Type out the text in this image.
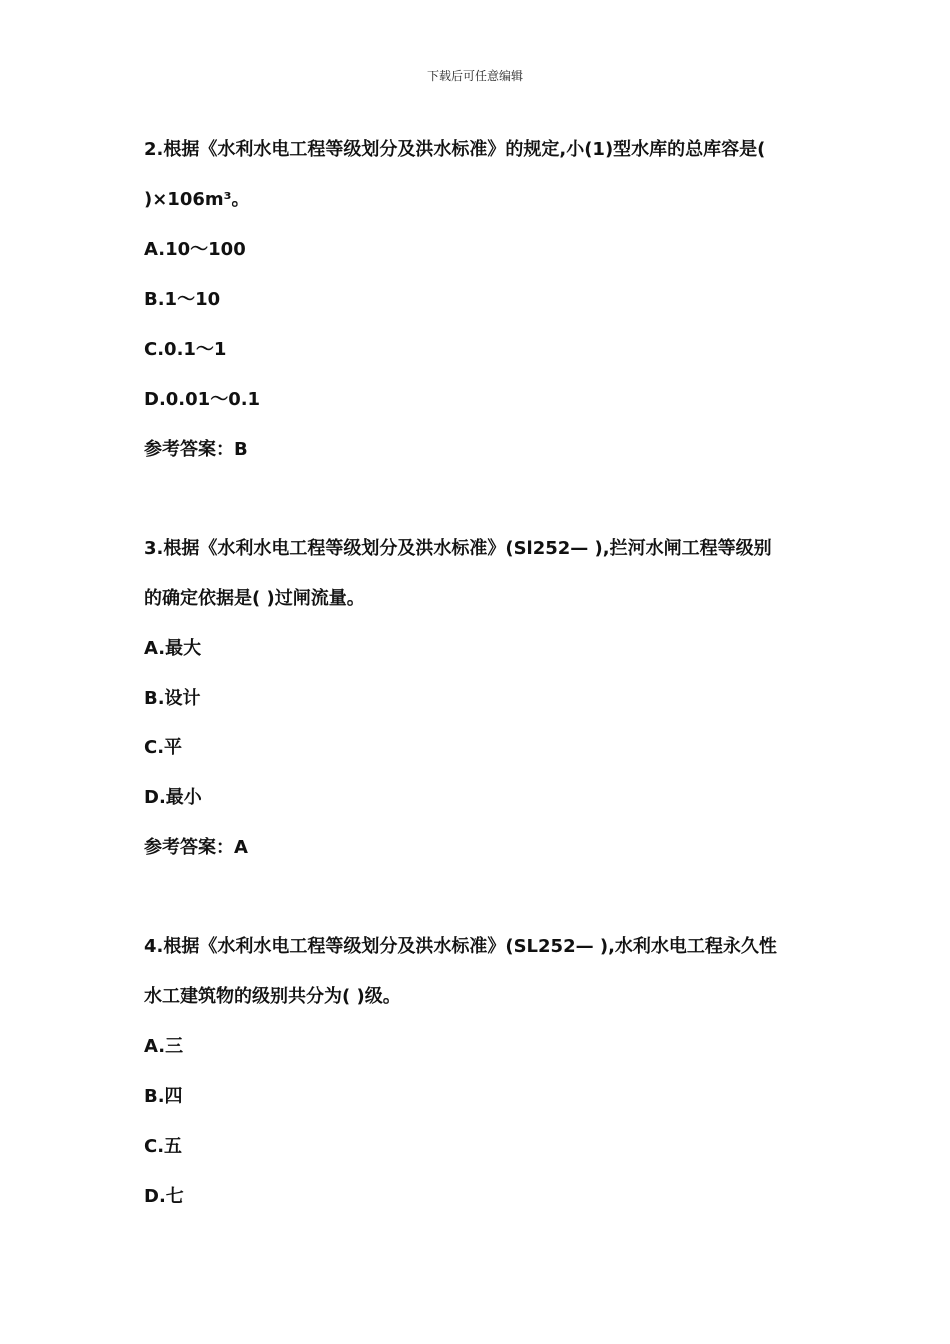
下载后可任意编辑
2.根据《水利水电工程等级划分及洪水标准》的规定,小(1)型水库的总库容是(
)×106m³。
A.10～100
B.1～10
C.0.1～1
D.0.01～0.1
参考答案：B
3.根据《水利水电工程等级划分及洪水标准》(Sl252— ),拦河水闸工程等级别
的确定依据是( )过闸流量。
A.最大
B.设计
C.平
D.最小
参考答案：A
4.根据《水利水电工程等级划分及洪水标准》(SL252— ),水利水电工程永久性
水工建筑物的级别共分为( )级。
A.三
B.四
C.五
D.七
